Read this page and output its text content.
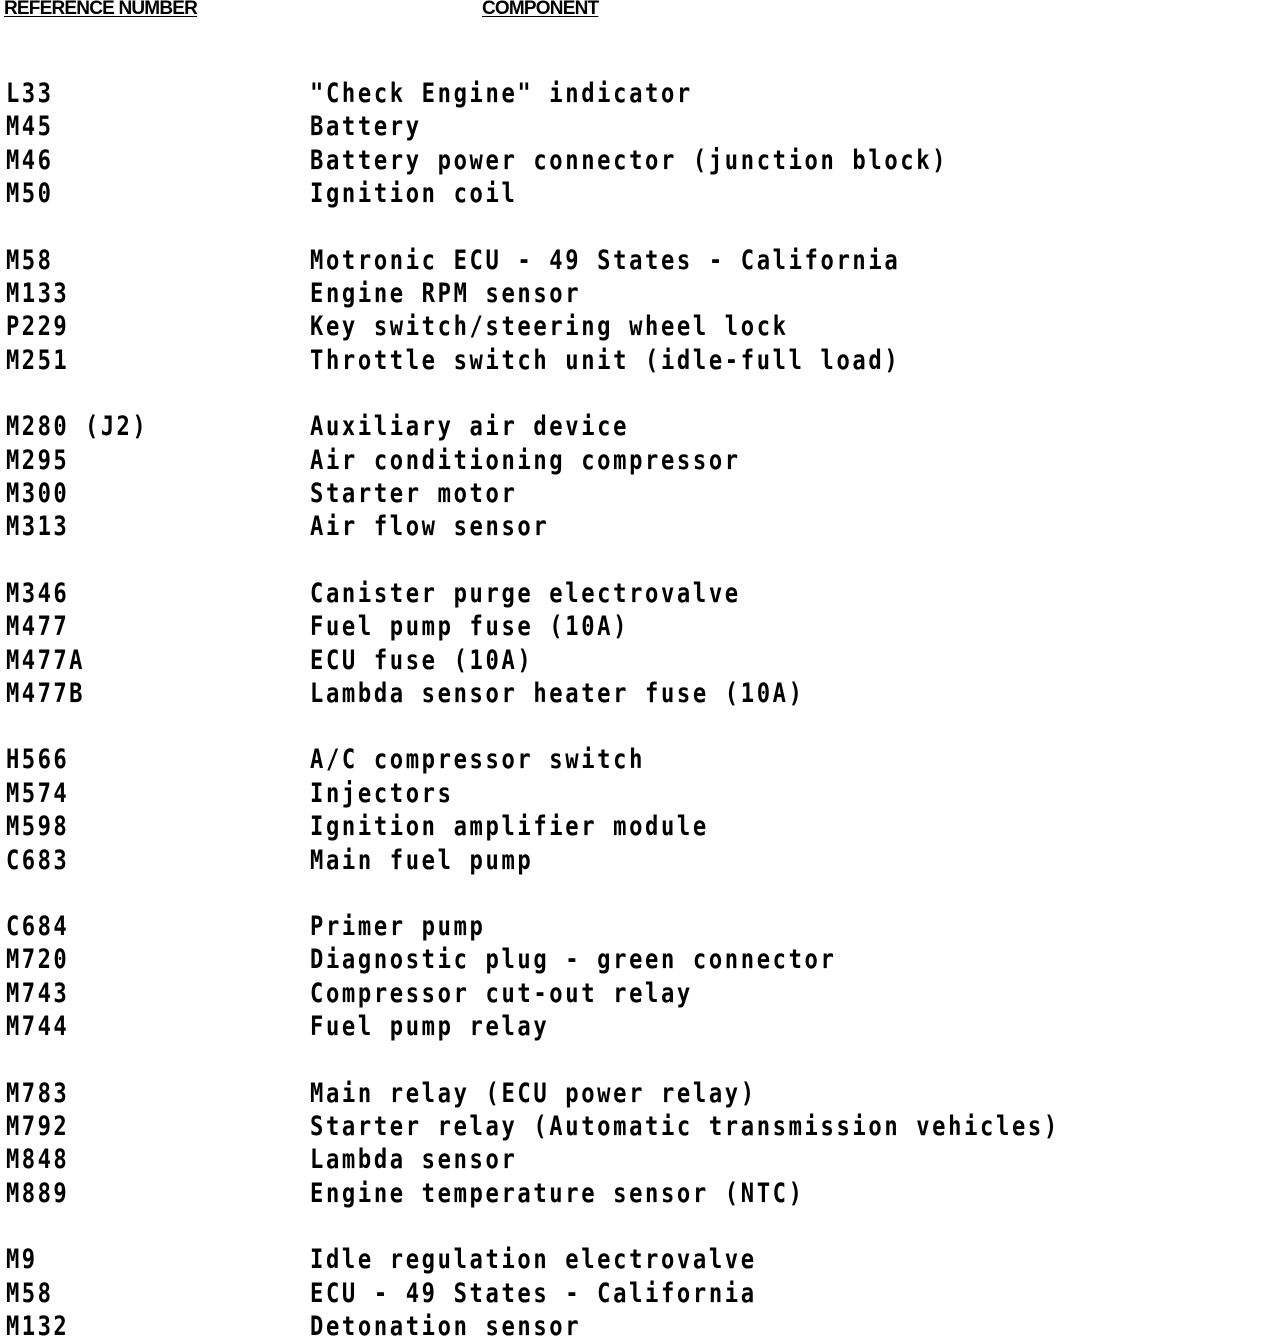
REFERENCE NUMBER	COMPONENT
L33	"Check Engine" indicator
M45	Battery
M46	Battery power connector (junction block)
M50	Ignition coil
M58	Motronic ECU - 49 States - California
M133	Engine RPM sensor
P229	Key switch/steering wheel lock
M251	Throttle switch unit (idle-full load)
M280 (J2)	Auxiliary air device
M295	Air conditioning compressor
M300	Starter motor
M313	Air flow sensor
M346	Canister purge electrovalve
M477	Fuel pump fuse (10A)
M477A	ECU fuse (10A)
M477B	Lambda sensor heater fuse (10A)
H566	A/C compressor switch
M574	Injectors
M598	Ignition amplifier module
C683	Main fuel pump
C684	Primer pump
M720	Diagnostic plug - green connector
M743	Compressor cut-out relay
M744	Fuel pump relay
M783	Main relay (ECU power relay)
M792	Starter relay (Automatic transmission vehicles)
M848	Lambda sensor
M889	Engine temperature sensor (NTC)
M9	Idle regulation electrovalve
M58	ECU - 49 States - California
M132	Detonation sensor
